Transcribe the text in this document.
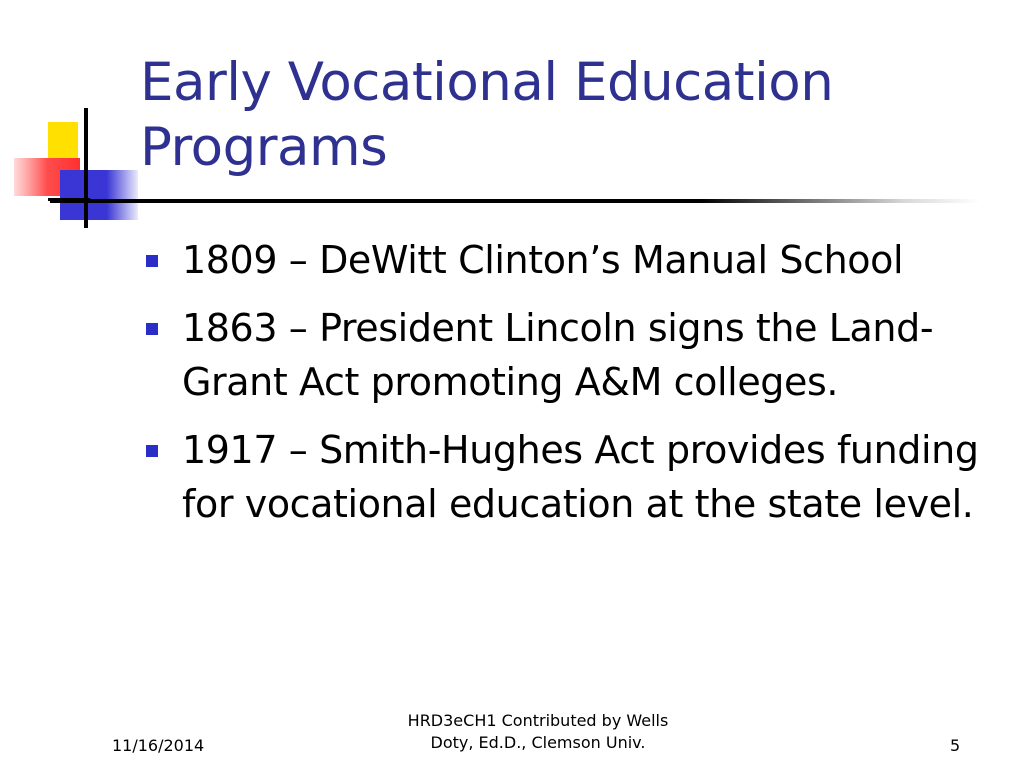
Early Vocational Education Programs
1809 – DeWitt Clinton’s Manual School
1863 – President Lincoln signs the Land-Grant Act promoting A&M colleges.
1917 – Smith-Hughes Act provides funding for vocational education at the state level.
11/16/2014
HRD3eCH1 Contributed by Wells
Doty, Ed.D., Clemson Univ.	5
